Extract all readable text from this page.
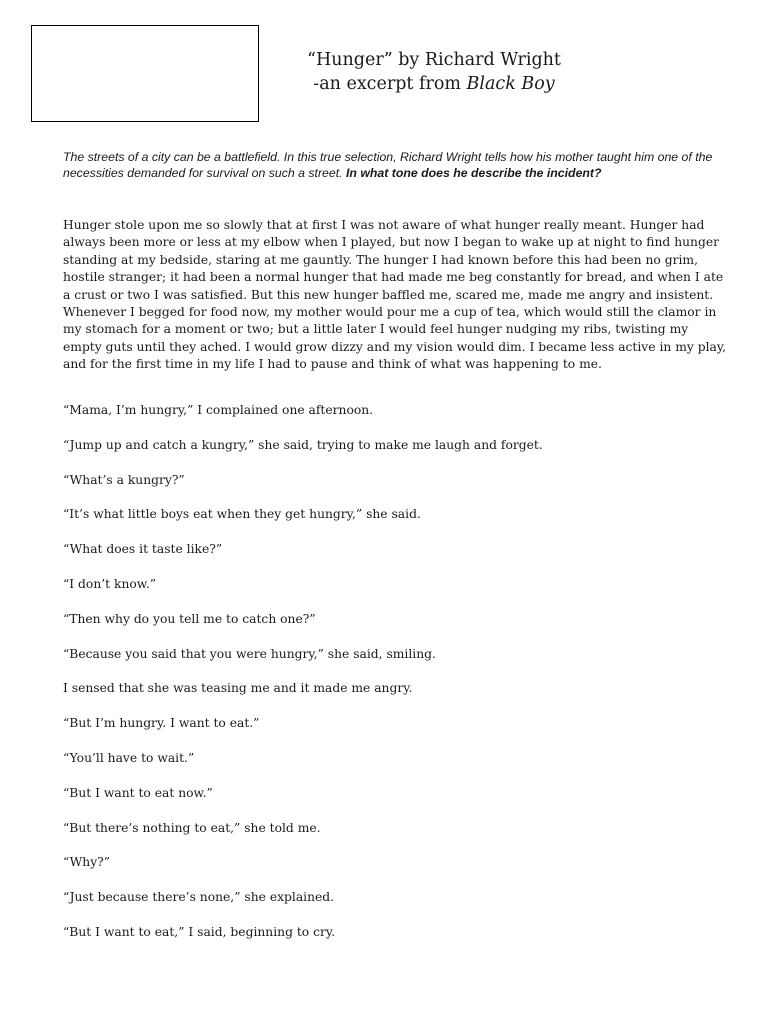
“Hunger” by Richard Wright
-an excerpt from Black Boy
The streets of a city can be a battlefield. In this true selection, Richard Wright tells how his mother taught him one of the necessities demanded for survival on such a street. In what tone does he describe the incident?

Hunger stole upon me so slowly that at first I was not aware of what hunger really meant. Hunger had always been more or less at my elbow when I played, but now I began to wake up at night to find hunger standing at my bedside, staring at me gauntly. The hunger I had known before this had been no grim, hostile stranger; it had been a normal hunger that had made me beg constantly for bread, and when I ate a crust or two I was satisfied. But this new hunger baffled me, scared me, made me angry and insistent. Whenever I begged for food now, my mother would pour me a cup of tea, which would still the clamor in my stomach for a moment or two; but a little later I would feel hunger nudging my ribs, twisting my empty guts until they ached. I would grow dizzy and my vision would dim. I became less active in my play, and for the first time in my life I had to pause and think of what was happening to me.

“Mama, I’m hungry,” I complained one afternoon.
“Jump up and catch a kungry,” she said, trying to make me laugh and forget.
“What’s a kungry?”
“It’s what little boys eat when they get hungry,” she said.
“What does it taste like?”
“I don’t know.”
“Then why do you tell me to catch one?”
“Because you said that you were hungry,” she said, smiling.
I sensed that she was teasing me and it made me angry.
“But I’m hungry. I want to eat.”
“You’ll have to wait.”
“But I want to eat now.”
“But there’s nothing to eat,” she told me.
“Why?”
“Just because there’s none,” she explained.
“But I want to eat,” I said, beginning to cry.
